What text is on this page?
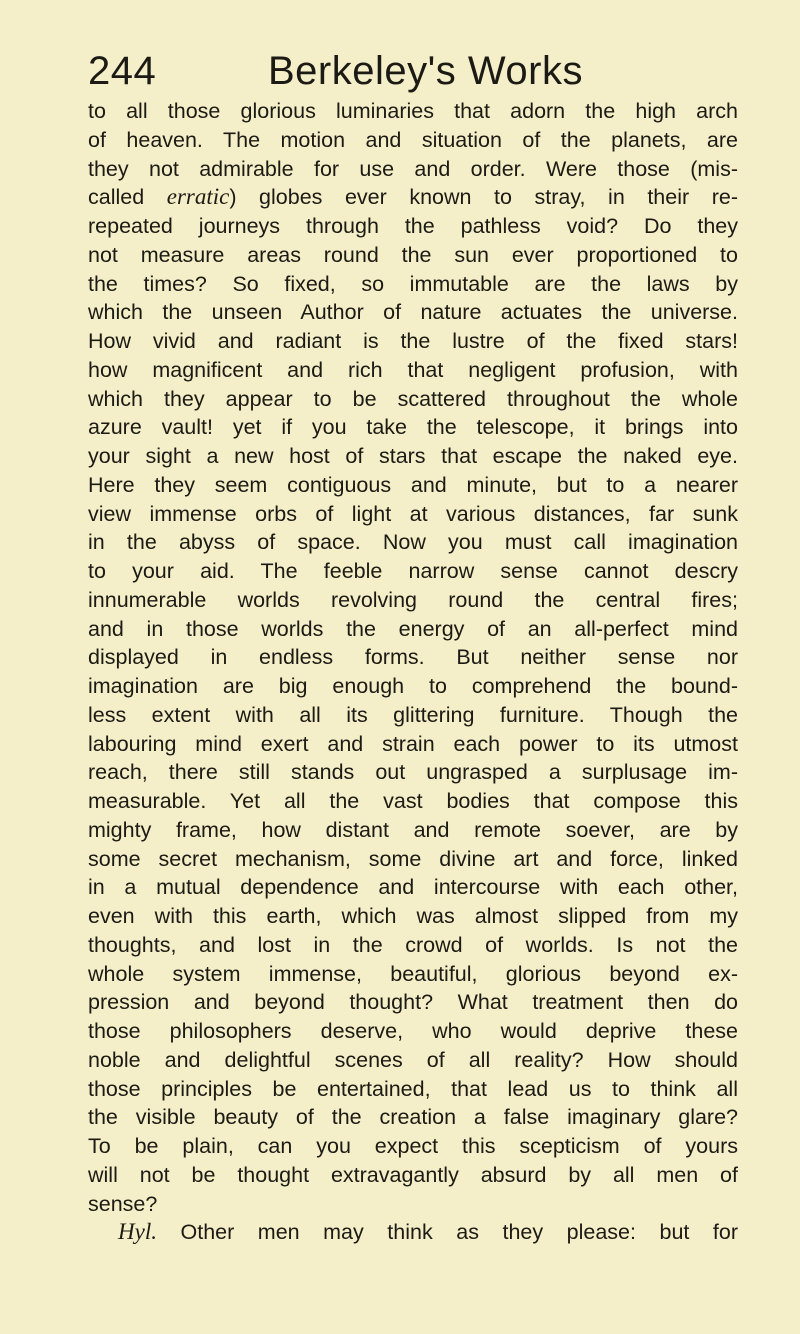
244	Berkeley's Works
to all those glorious luminaries that adorn the high arch
of heaven. The motion and situation of the planets, are
they not admirable for use and order. Were those (mis-
called erratic) globes ever known to stray, in their re-
repeated journeys through the pathless void? Do they
not measure areas round the sun ever proportioned to
the times? So fixed, so immutable are the laws by
which the unseen Author of nature actuates the universe.
How vivid and radiant is the lustre of the fixed stars!
how magnificent and rich that negligent profusion, with
which they appear to be scattered throughout the whole
azure vault! yet if you take the telescope, it brings into
your sight a new host of stars that escape the naked eye.
Here they seem contiguous and minute, but to a nearer
view immense orbs of light at various distances, far sunk
in the abyss of space. Now you must call imagination
to your aid. The feeble narrow sense cannot descry
innumerable worlds revolving round the central fires;
and in those worlds the energy of an all-perfect mind
displayed in endless forms. But neither sense nor
imagination are big enough to comprehend the bound-
less extent with all its glittering furniture. Though the
labouring mind exert and strain each power to its utmost
reach, there still stands out ungrasped a surplusage im-
measurable. Yet all the vast bodies that compose this
mighty frame, how distant and remote soever, are by
some secret mechanism, some divine art and force, linked
in a mutual dependence and intercourse with each other,
even with this earth, which was almost slipped from my
thoughts, and lost in the crowd of worlds. Is not the
whole system immense, beautiful, glorious beyond ex-
pression and beyond thought? What treatment then do
those philosophers deserve, who would deprive these
noble and delightful scenes of all reality? How should
those principles be entertained, that lead us to think all
the visible beauty of the creation a false imaginary glare?
To be plain, can you expect this scepticism of yours
will not be thought extravagantly absurd by all men of
sense?
Hyl. Other men may think as they please: but for
